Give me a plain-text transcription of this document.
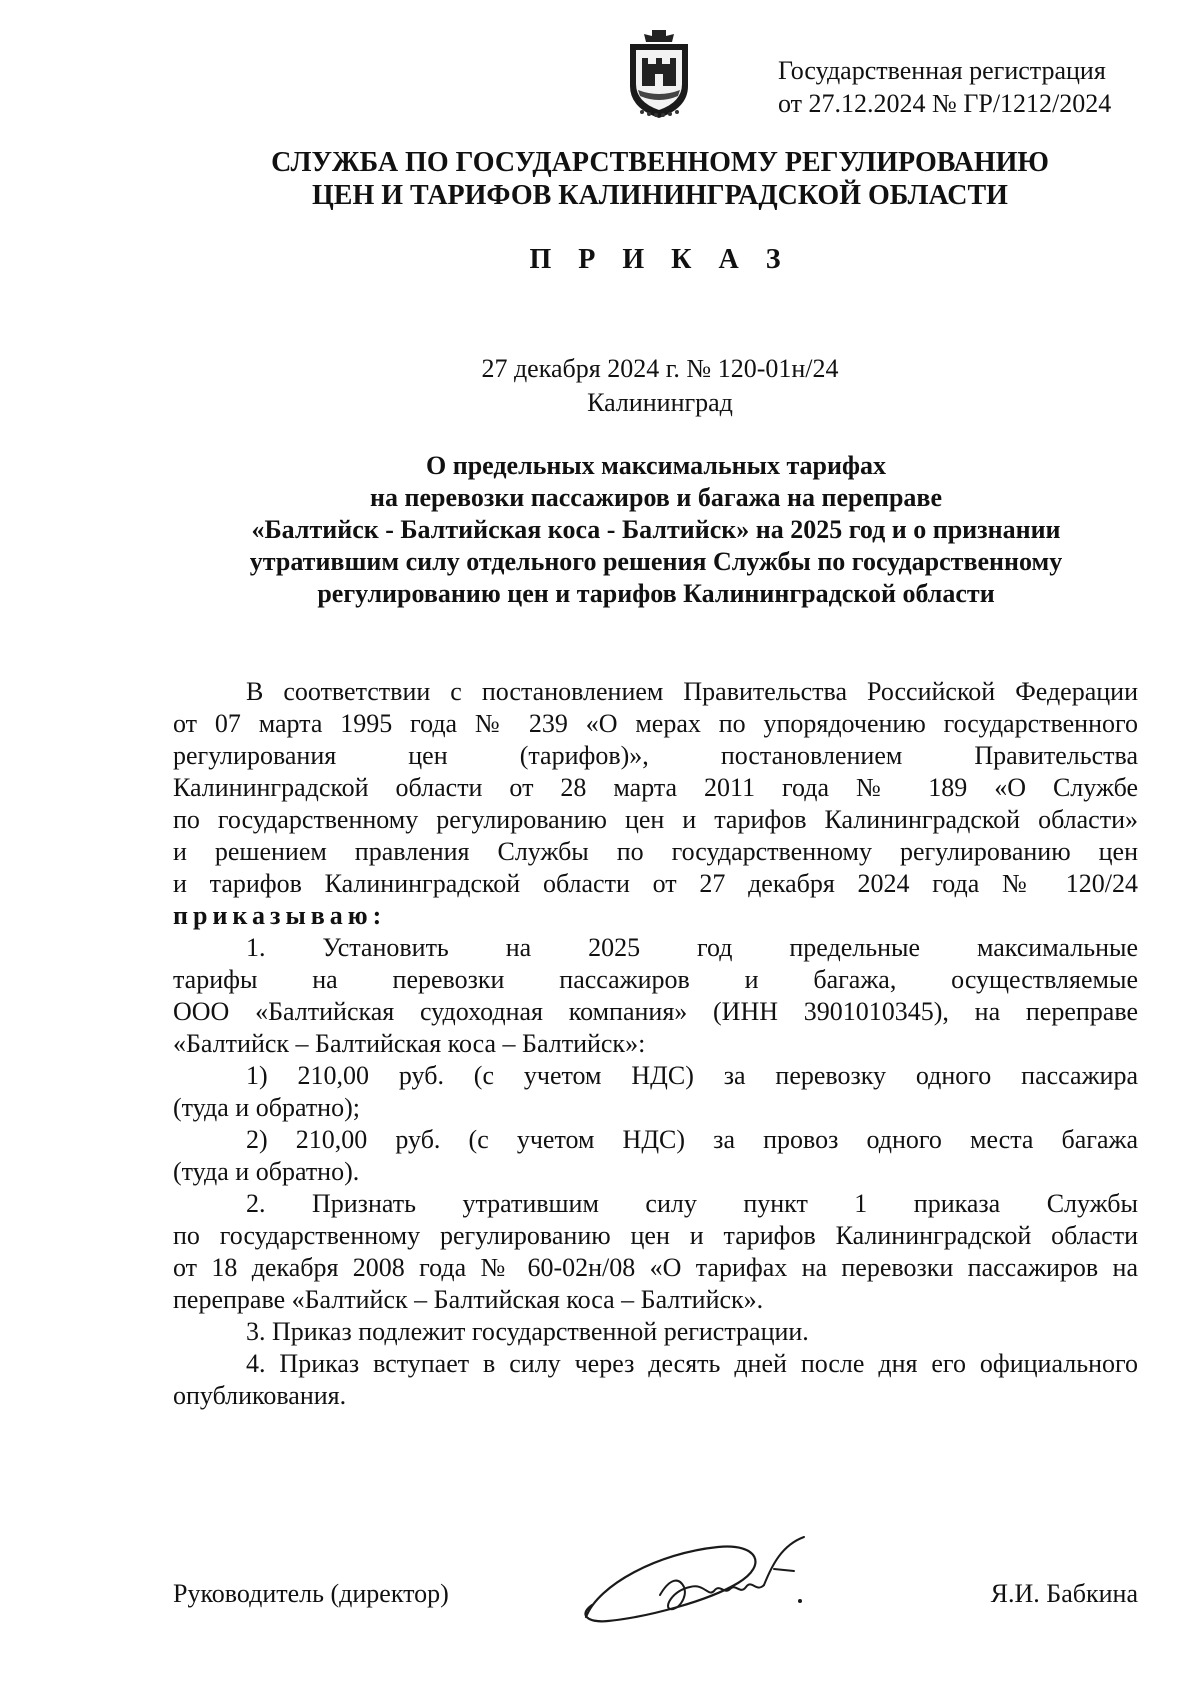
Государственная регистрация
от 27.12.2024 № ГР/1212/2024
СЛУЖБА ПО ГОСУДАРСТВЕННОМУ РЕГУЛИРОВАНИЮ
ЦЕН И ТАРИФОВ КАЛИНИНГРАДСКОЙ ОБЛАСТИ
П Р И К А З
27 декабря 2024 г. № 120-01н/24
Калининград
О предельных максимальных тарифах
на перевозки пассажиров и багажа на переправе
«Балтийск - Балтийская коса - Балтийск» на 2025 год и о признании
утратившим силу отдельного решения Службы по государственному
регулированию цен и тарифов Калининградской области
В соответствии с постановлением Правительства Российской Федерации
от 07 марта 1995 года № 239 «О мерах по упорядочению государственного
регулирования цен (тарифов)», постановлением Правительства
Калининградской области от 28 марта 2011 года № 189 «О Службе
по государственному регулированию цен и тарифов Калининградской области»
и решением правления Службы по государственному регулированию цен
и тарифов Калининградской области от 27 декабря 2024 года № 120/24
приказываю:
1. Установить на 2025 год предельные максимальные
тарифы на перевозки пассажиров и багажа, осуществляемые
ООО «Балтийская судоходная компания» (ИНН 3901010345), на переправе
«Балтийск – Балтийская коса – Балтийск»:
1) 210,00 руб. (с учетом НДС) за перевозку одного пассажира
(туда и обратно);
2) 210,00 руб. (с учетом НДС) за провоз одного места багажа
(туда и обратно).
2. Признать утратившим силу пункт 1 приказа Службы
по государственному регулированию цен и тарифов Калининградской области
от 18 декабря 2008 года № 60-02н/08 «О тарифах на перевозки пассажиров на
переправе «Балтийск – Балтийская коса – Балтийск».
3. Приказ подлежит государственной регистрации.
4. Приказ вступает в силу через десять дней после дня его официального
опубликования.
Руководитель (директор)	Я.И. Бабкина
